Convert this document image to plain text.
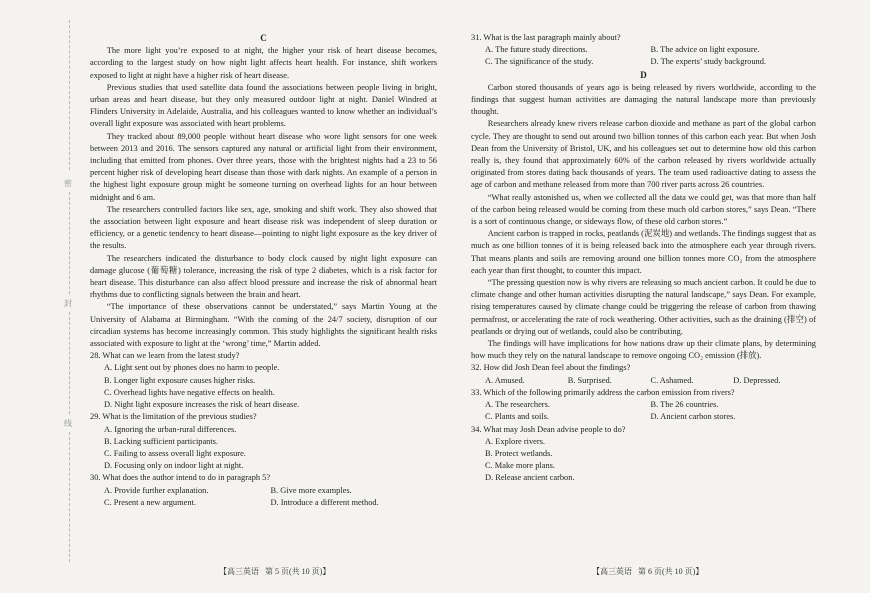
密
封
线
C

The more light you’re exposed to at night, the higher your risk of heart disease becomes, according to the largest study on how night light affects heart health. For instance, shift workers exposed to light at night have a higher risk of heart disease.

Previous studies that used satellite data found the associations between people living in bright, urban areas and heart disease, but they only measured outdoor light at night. Daniel Windred at Flinders University in Adelaide, Australia, and his colleagues wanted to know whether an individual’s overall light exposure was associated with heart problems.

They tracked about 89,000 people without heart disease who wore light sensors for one week between 2013 and 2016. The sensors captured any natural or artificial light from their environment, including that emitted from phones. Over three years, those with the brightest nights had a 23 to 56 percent higher risk of developing heart disease than those with dark nights. An example of a person in the highest light exposure group might be someone turning on overhead lights for an hour between midnight and 6 am.

The researchers controlled factors like sex, age, smoking and shift work. They also showed that the association between light exposure and heart disease risk was independent of sleep duration or efficiency, or a genetic tendency to heart disease—pointing to night light exposure as the key driver of the results.

The researchers indicated the disturbance to body clock caused by night light exposure can damage glucose (葡萄糖) tolerance, increasing the risk of type 2 diabetes, which is a risk factor for heart disease. This disturbance can also affect blood pressure and increase the risk of abnormal heart rhythms due to conflicting signals between the brain and heart.

“The importance of these observations cannot be understated,” says Martin Young at the University of Alabama at Birmingham. “With the coming of the 24/7 society, disruption of our circadian systems has become increasingly common. This study highlights the significant health risks associated with exposure to light at the ‘wrong’ time,” Martin added.

28. What can we learn from the latest study?

A. Light sent out by phones does no harm to people.
B. Longer light exposure causes higher risks.
C. Overhead lights have negative effects on health.
D. Night light exposure increases the risk of heart disease.

29. What is the limitation of the previous studies?

A. Ignoring the urban-rural differences.
B. Lacking sufficient participants.
C. Failing to assess overall light exposure.
D. Focusing only on indoor light at night.

30. What does the author intend to do in paragraph 5?

A. Provide further explanation.	B. Give more examples.
C. Present a new argument.	D. Introduce a different method.

31. What is the last paragraph mainly about?

A. The future study directions.	B. The advice on light exposure.
C. The significance of the study.	D. The experts’ study background.
D

Carbon stored thousands of years ago is being released by rivers worldwide, according to the findings that suggest human activities are damaging the natural landscape more than previously thought.

Researchers already knew rivers release carbon dioxide and methane as part of the global carbon cycle. They are thought to send out around two billion tonnes of this carbon each year. But when Josh Dean from the University of Bristol, UK, and his colleagues set out to determine how old this carbon really is, they found that approximately 60% of the carbon released by rivers worldwide actually originated from stores dating back thousands of years. The team used radioactive dating to assess the age of carbon and methane released from more than 700 river parts across 26 countries.

“What really astonished us, when we collected all the data we could get, was that more than half of the carbon being released would be coming from these much old carbon stores,” says Dean. “There is a sort of continuous change, or sideways flow, of these old carbon stores.”

Ancient carbon is trapped in rocks, peatlands (泥炭地) and wetlands. The findings suggest that as much as one billion tonnes of it is being released back into the atmosphere each year through rivers. That means plants and soils are removing around one billion tonnes more CO₂ from the atmosphere each year than first thought, to counter this impact.

“The pressing question now is why rivers are releasing so much ancient carbon. It could be due to climate change and other human activities disrupting the natural landscape,” says Dean. For example, rising temperatures caused by climate change could be triggering the release of carbon from thawing permafrost, or accelerating the rate of rock weathering. Other activities, such as the draining (排空) of peatlands or drying out of wetlands, could also be contributing.

The findings will have implications for how nations draw up their climate plans, by determining how much they rely on the natural landscape to remove ongoing CO₂ emission (排放).

32. How did Josh Dean feel about the findings?

A. Amused.	B. Surprised.	C. Ashamed.	D. Depressed.

33. Which of the following primarily address the carbon emission from rivers?

A. The researchers.	B. The 26 countries.
C. Plants and soils.	D. Ancient carbon stores.

34. What may Josh Dean advise people to do?

A. Explore rivers.
B. Protect wetlands.
C. Make more plans.
D. Release ancient carbon.
【高三英语   第 5 页(共 10 页)】	【高三英语   第 6 页(共 10 页)】
